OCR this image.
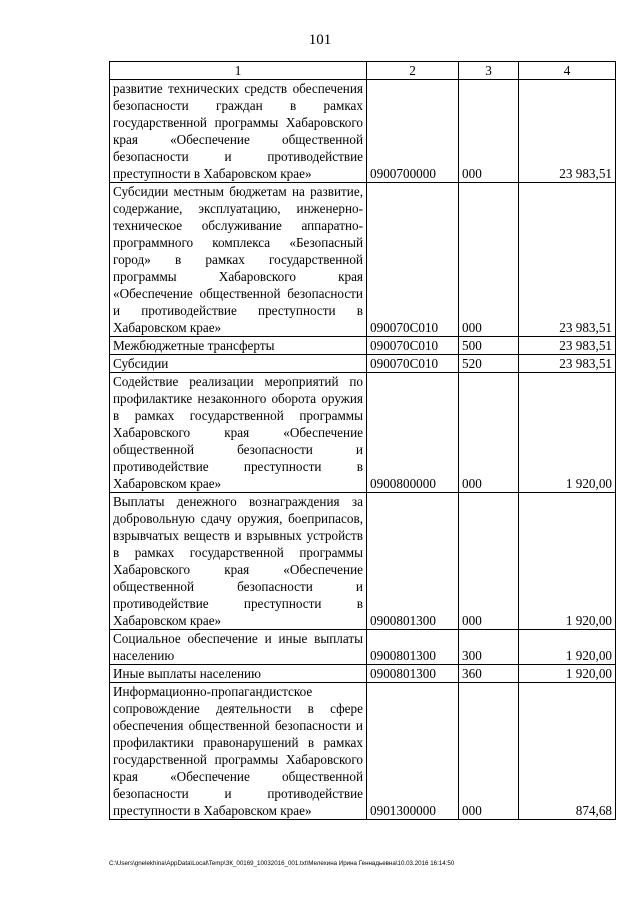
101
1	2	3	4
развитие технических средств обеспечения безопасности граждан в рамках государственной программы Хабаровского края «Обеспечение общественной безопасности и противодействие преступности в Хабаровском крае»	0900700000	000	23 983,51
Субсидии местным бюджетам на развитие, содержание, эксплуатацию, инженерно-техническое обслуживание аппаратно-программного комплекса «Безопасный город» в рамках государственной программы Хабаровского края «Обеспечение общественной безопасности и противодействие преступности в Хабаровском крае»	090070С010	000	23 983,51
Межбюджетные трансферты	090070С010	500	23 983,51
Субсидии	090070С010	520	23 983,51
Содействие реализации мероприятий по профилактике незаконного оборота оружия в рамках государственной программы Хабаровского края «Обеспечение общественной безопасности и противодействие преступности в Хабаровском крае»	0900800000	000	1 920,00
Выплаты денежного вознаграждения за добровольную сдачу оружия, боеприпасов, взрывчатых веществ и взрывных устройств в рамках государственной программы Хабаровского края «Обеспечение общественной безопасности и противодействие преступности в Хабаровском крае»	0900801300	000	1 920,00
Социальное обеспечение и иные выплаты населению	0900801300	300	1 920,00
Иные выплаты населению	0900801300	360	1 920,00
Информационно-пропагандистское сопровождение деятельности в сфере обеспечения общественной безопасности и профилактики правонарушений в рамках государственной программы Хабаровского края «Обеспечение общественной безопасности и противодействие преступности в Хабаровском крае»	0901300000	000	874,68
C:\Users\gnelekhina\AppData\Local\Temp\ЗК_00169_10032016_001.txt\Мелехина Ирина Геннадьевна\10.03.2016 16:14:50
